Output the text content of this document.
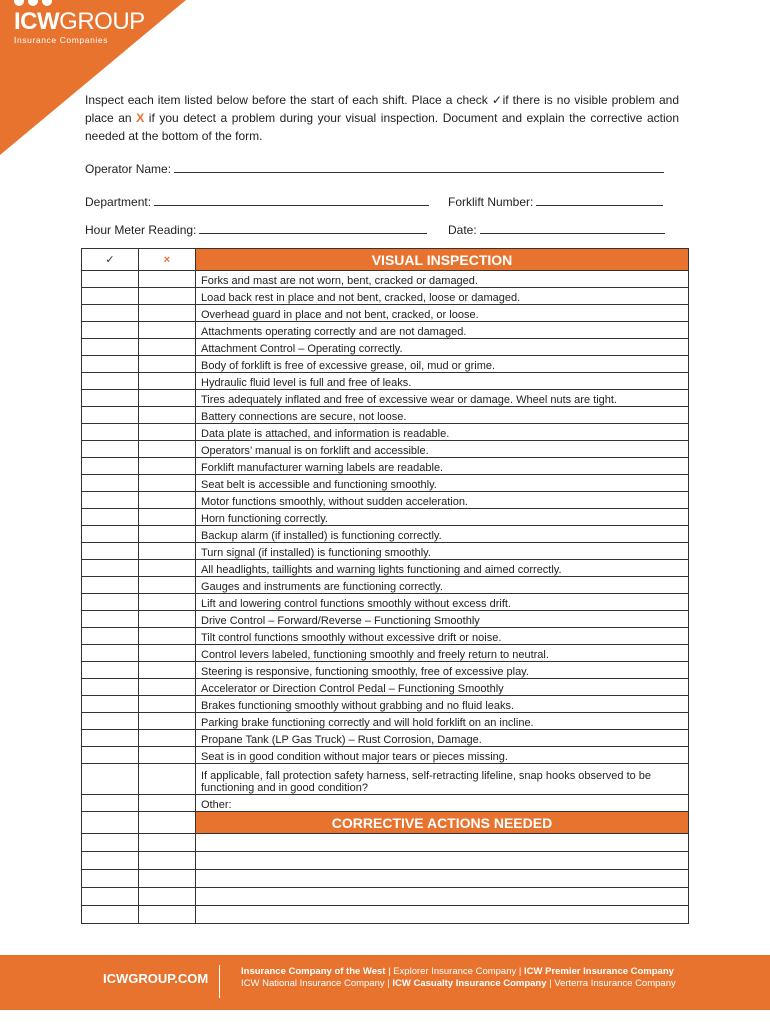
ICWGROUP
Insurance Companies
Inspect each item listed below before the start of each shift. Place a check ✓if there is no visible problem and place an X if you detect a problem during your visual inspection. Document and explain the corrective action needed at the bottom of the form.
Operator Name:
Department:	Forklift Number:
Hour Meter Reading:	Date:
✓	×	VISUAL INSPECTION
		Forks and mast are not worn, bent, cracked or damaged.
		Load back rest in place and not bent, cracked, loose or damaged.
		Overhead guard in place and not bent, cracked, or loose.
		Attachments operating correctly and are not damaged.
		Attachment Control – Operating correctly.
		Body of forklift is free of excessive grease, oil, mud or grime.
		Hydraulic fluid level is full and free of leaks.
		Tires adequately inflated and free of excessive wear or damage. Wheel nuts are tight.
		Battery connections are secure, not loose.
		Data plate is attached, and information is readable.
		Operators’ manual is on forklift and accessible.
		Forklift manufacturer warning labels are readable.
		Seat belt is accessible and functioning smoothly.
		Motor functions smoothly, without sudden acceleration.
		Horn functioning correctly.
		Backup alarm (if installed) is functioning correctly.
		Turn signal (if installed) is functioning smoothly.
		All headlights, taillights and warning lights functioning and aimed correctly.
		Gauges and instruments are functioning correctly.
		Lift and lowering control functions smoothly without excess drift.
		Drive Control – Forward/Reverse – Functioning Smoothly
		Tilt control functions smoothly without excessive drift or noise.
		Control levers labeled, functioning smoothly and freely return to neutral.
		Steering is responsive, functioning smoothly, free of excessive play.
		Accelerator or Direction Control Pedal – Functioning Smoothly
		Brakes functioning smoothly without grabbing and no fluid leaks.
		Parking brake functioning correctly and will hold forklift on an incline.
		Propane Tank (LP Gas Truck) – Rust Corrosion, Damage.
		Seat is in good condition without major tears or pieces missing.
		If applicable, fall protection safety harness, self-retracting lifeline, snap hooks observed to be functioning and in good condition?
		Other:
		CORRECTIVE ACTIONS NEEDED

ICWGROUP.COM	Insurance Company of the West | Explorer Insurance Company | ICW Premier Insurance Company
ICW National Insurance Company | ICW Casualty Insurance Company | Verterra Insurance Company
